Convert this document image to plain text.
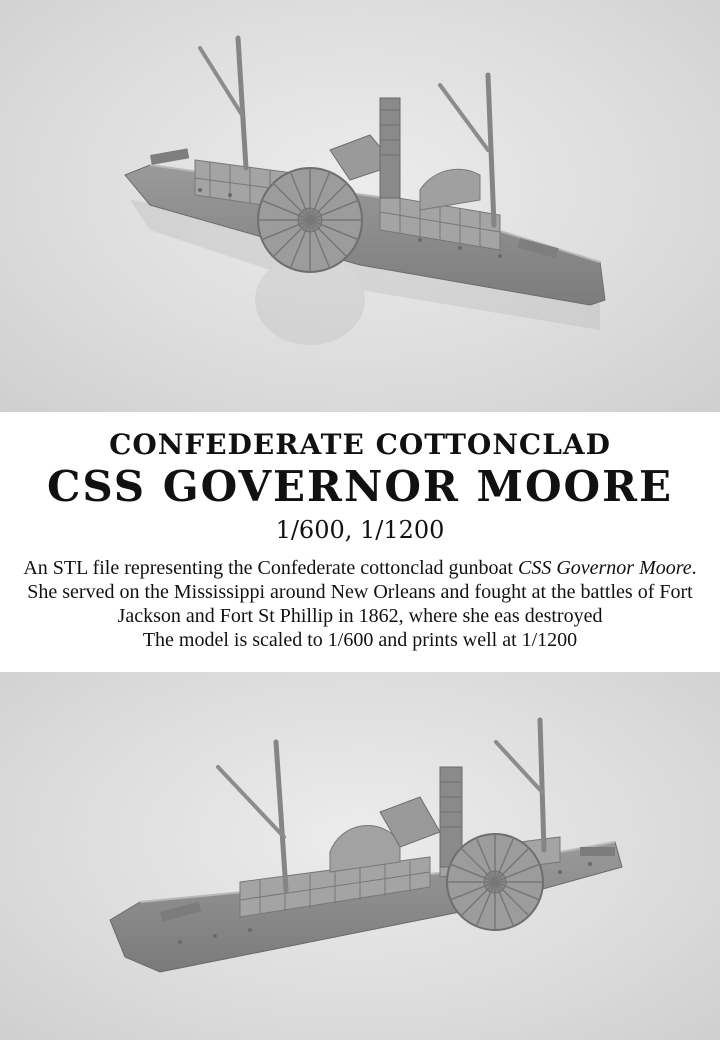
CONFEDERATE COTTONCLAD
CSS GOVERNOR MOORE
1/600, 1/1200

An STL file representing the Confederate cottonclad gunboat CSS Governor Moore. She served on the Mississippi around New Orleans and fought at the battles of Fort Jackson and Fort St Phillip in 1862, where she eas destroyed

The model is scaled to 1/600 and prints well at 1/1200
